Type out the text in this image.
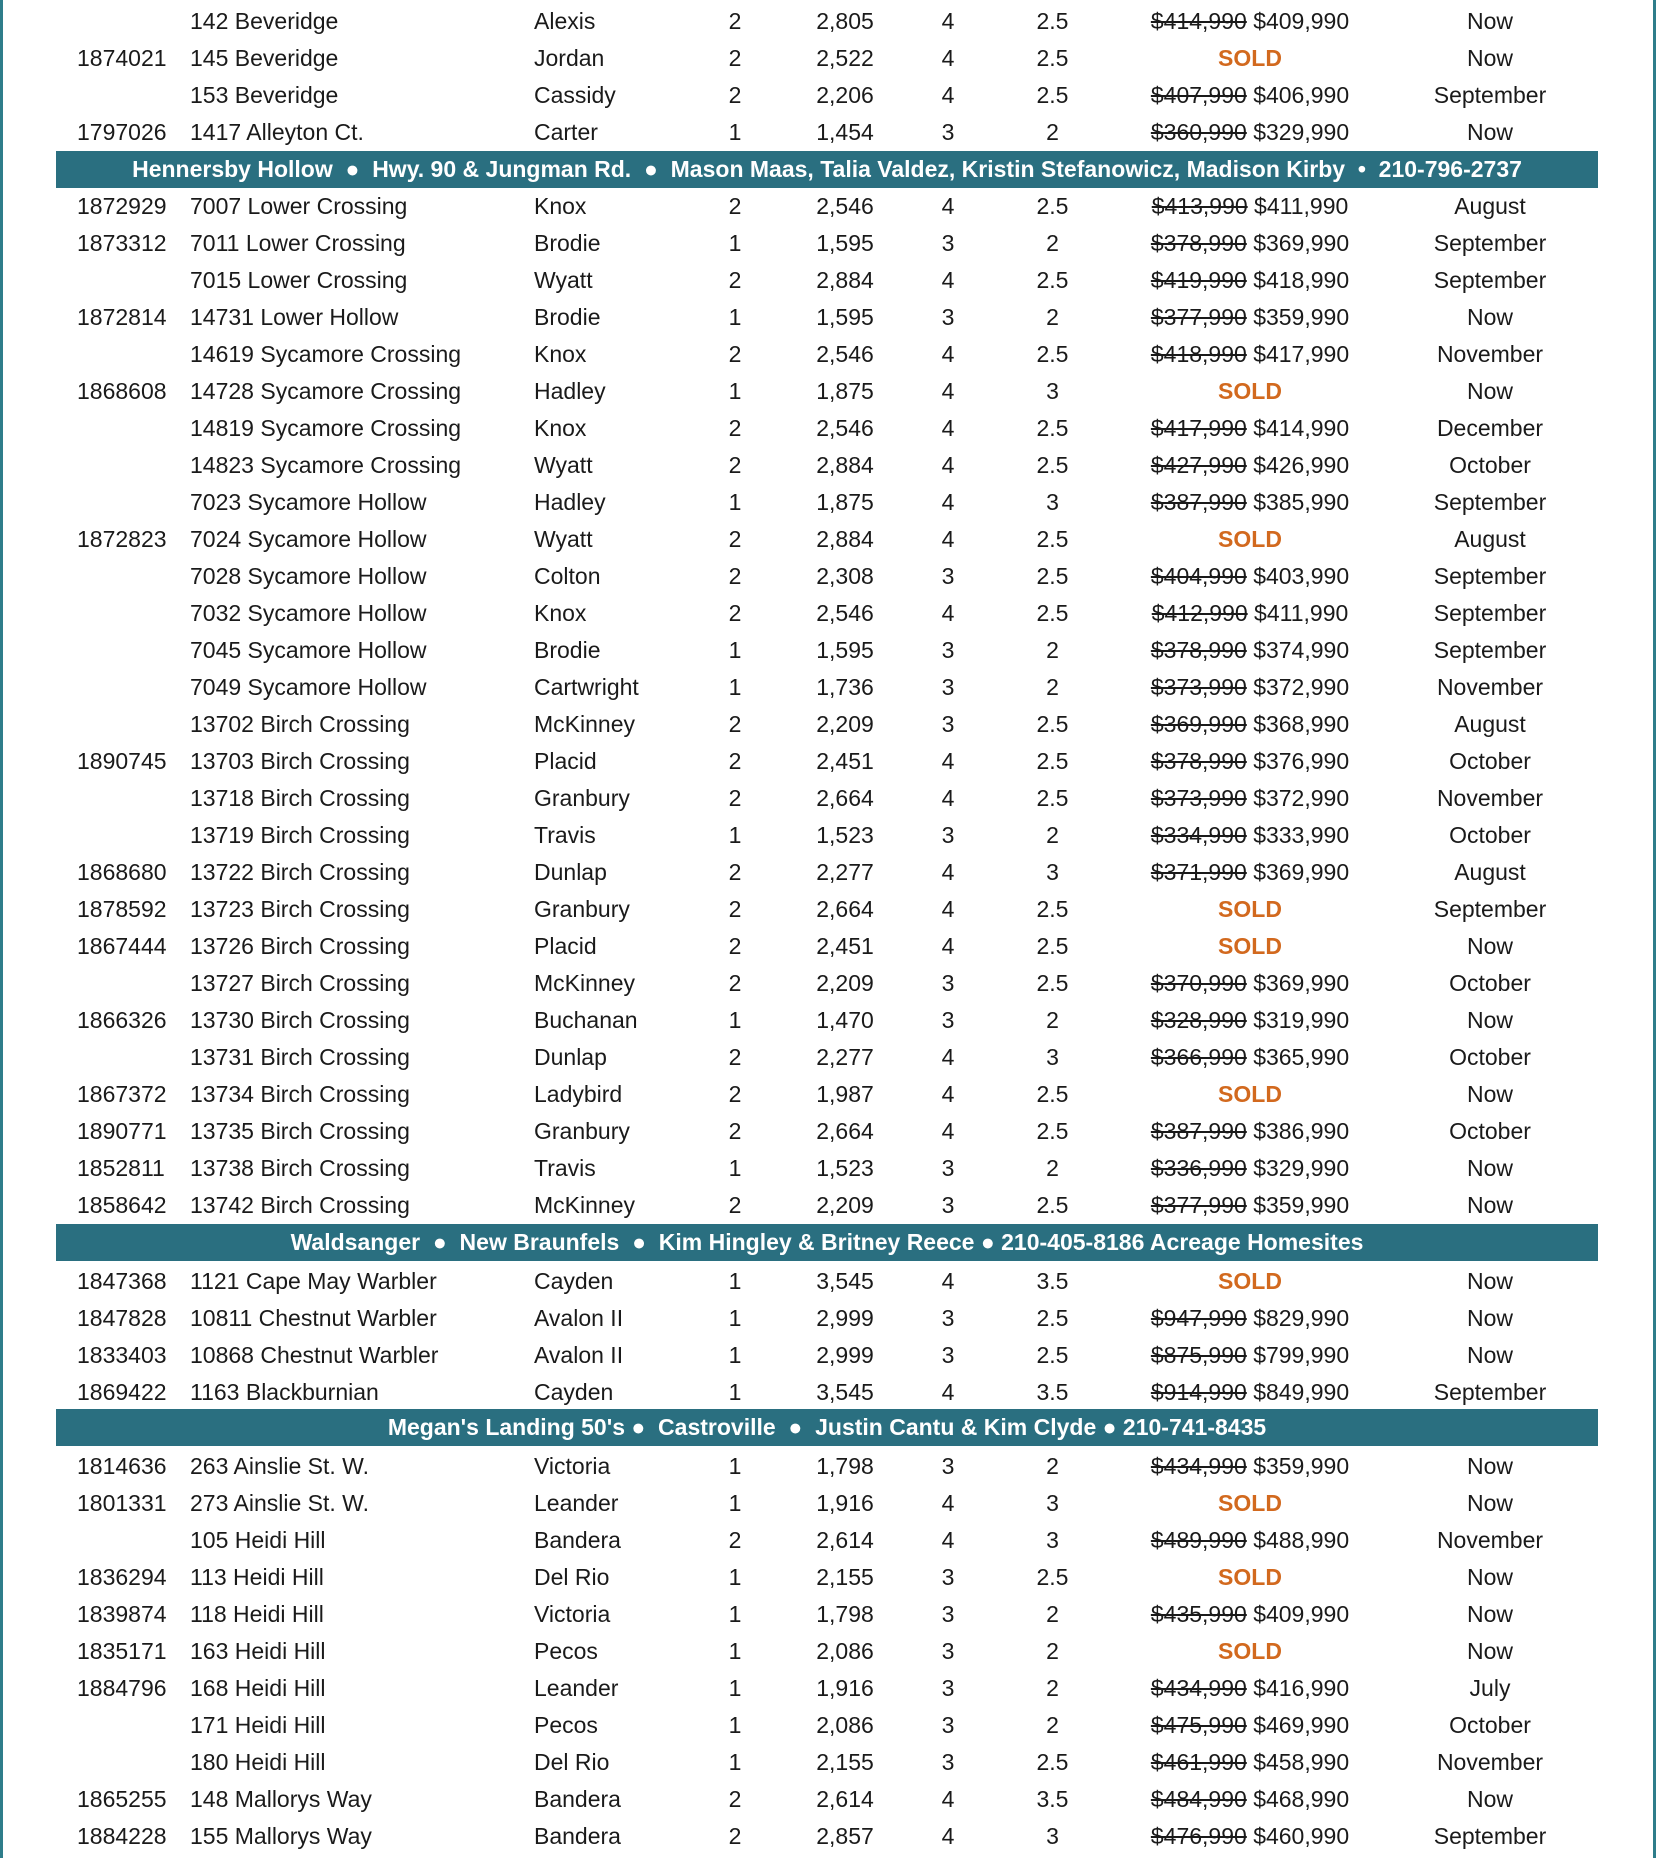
142 Beveridge	Alexis	2	2,805	4	2.5	$414,990 $409,990	Now
1874021 145 Beveridge	Jordan	2	2,522	4	2.5	SOLD	Now
153 Beveridge	Cassidy	2	2,206	4	2.5	$407,990 $406,990	September
1797026 1417 Alleyton Ct.	Carter	1	1,454	3	2	$360,990 $329,990	Now
Hennersby Hollow  ●  Hwy. 90 & Jungman Rd.  ●  Mason Maas, Talia Valdez, Kristin Stefanowicz, Madison Kirby  •  210-796-2737
1872929 7007 Lower Crossing	Knox	2	2,546	4	2.5	$413,990 $411,990	August
1873312 7011 Lower Crossing	Brodie	1	1,595	3	2	$378,990 $369,990	September
7015 Lower Crossing	Wyatt	2	2,884	4	2.5	$419,990 $418,990	September
1872814 14731 Lower Hollow	Brodie	1	1,595	3	2	$377,990 $359,990	Now
14619 Sycamore Crossing	Knox	2	2,546	4	2.5	$418,990 $417,990	November
1868608 14728 Sycamore Crossing	Hadley	1	1,875	4	3	SOLD	Now
14819 Sycamore Crossing	Knox	2	2,546	4	2.5	$417,990 $414,990	December
14823 Sycamore Crossing	Wyatt	2	2,884	4	2.5	$427,990 $426,990	October
7023 Sycamore Hollow	Hadley	1	1,875	4	3	$387,990 $385,990	September
1872823 7024 Sycamore Hollow	Wyatt	2	2,884	4	2.5	SOLD	August
7028 Sycamore Hollow	Colton	2	2,308	3	2.5	$404,990 $403,990	September
7032 Sycamore Hollow	Knox	2	2,546	4	2.5	$412,990 $411,990	September
7045 Sycamore Hollow	Brodie	1	1,595	3	2	$378,990 $374,990	September
7049 Sycamore Hollow	Cartwright	1	1,736	3	2	$373,990 $372,990	November
13702 Birch Crossing	McKinney	2	2,209	3	2.5	$369,990 $368,990	August
1890745 13703 Birch Crossing	Placid	2	2,451	4	2.5	$378,990 $376,990	October
13718 Birch Crossing	Granbury	2	2,664	4	2.5	$373,990 $372,990	November
13719 Birch Crossing	Travis	1	1,523	3	2	$334,990 $333,990	October
1868680 13722 Birch Crossing	Dunlap	2	2,277	4	3	$371,990 $369,990	August
1878592 13723 Birch Crossing	Granbury	2	2,664	4	2.5	SOLD	September
1867444 13726 Birch Crossing	Placid	2	2,451	4	2.5	SOLD	Now
13727 Birch Crossing	McKinney	2	2,209	3	2.5	$370,990 $369,990	October
1866326 13730 Birch Crossing	Buchanan	1	1,470	3	2	$328,990 $319,990	Now
13731 Birch Crossing	Dunlap	2	2,277	4	3	$366,990 $365,990	October
1867372 13734 Birch Crossing	Ladybird	2	1,987	4	2.5	SOLD	Now
1890771 13735 Birch Crossing	Granbury	2	2,664	4	2.5	$387,990 $386,990	October
1852811 13738 Birch Crossing	Travis	1	1,523	3	2	$336,990 $329,990	Now
1858642 13742 Birch Crossing	McKinney	2	2,209	3	2.5	$377,990 $359,990	Now
Waldsanger  ●  New Braunfels  ●  Kim Hingley & Britney Reece ● 210-405-8186 Acreage Homesites
1847368 1121 Cape May Warbler	Cayden	1	3,545	4	3.5	SOLD	Now
1847828 10811 Chestnut Warbler	Avalon II	1	2,999	3	2.5	$947,990 $829,990	Now
1833403 10868 Chestnut Warbler	Avalon II	1	2,999	3	2.5	$875,990 $799,990	Now
1869422 1163 Blackburnian	Cayden	1	3,545	4	3.5	$914,990 $849,990	September
Megan's Landing 50's ●  Castroville  ●  Justin Cantu & Kim Clyde ● 210-741-8435
1814636 263 Ainslie St. W.	Victoria	1	1,798	3	2	$434,990 $359,990	Now
1801331 273 Ainslie St. W.	Leander	1	1,916	4	3	SOLD	Now
105 Heidi Hill	Bandera	2	2,614	4	3	$489,990 $488,990	November
1836294 113 Heidi Hill	Del Rio	1	2,155	3	2.5	SOLD	Now
1839874 118 Heidi Hill	Victoria	1	1,798	3	2	$435,990 $409,990	Now
1835171 163 Heidi Hill	Pecos	1	2,086	3	2	SOLD	Now
1884796 168 Heidi Hill	Leander	1	1,916	3	2	$434,990 $416,990	July
171 Heidi Hill	Pecos	1	2,086	3	2	$475,990 $469,990	October
180 Heidi Hill	Del Rio	1	2,155	3	2.5	$461,990 $458,990	November
1865255 148 Mallorys Way	Bandera	2	2,614	4	3.5	$484,990 $468,990	Now
1884228 155 Mallorys Way	Bandera	2	2,857	4	3	$476,990 $460,990	September
